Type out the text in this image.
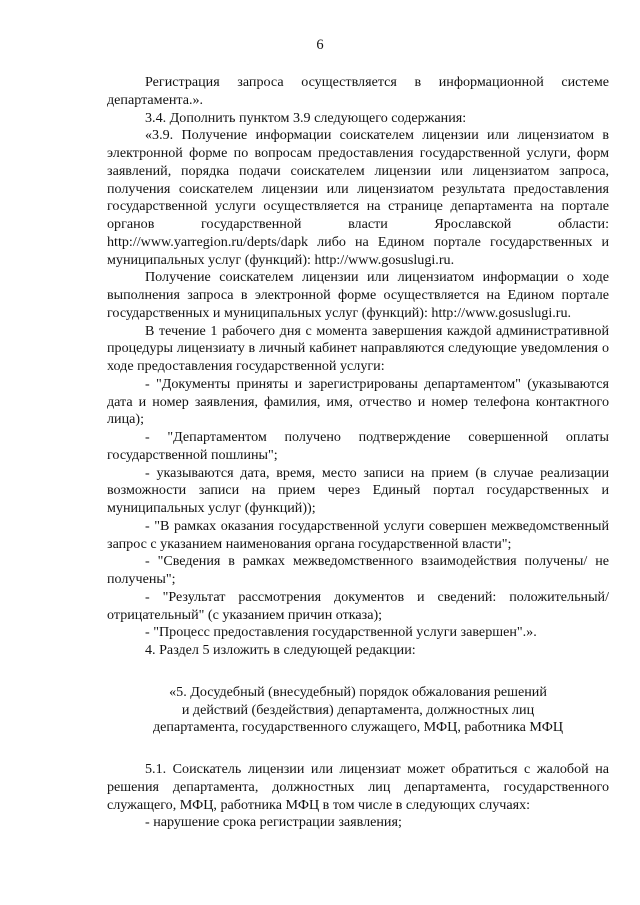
6

Регистрация запроса осуществляется в информационной системе департамента.».

3.4. Дополнить пунктом 3.9 следующего содержания:

«3.9. Получение информации соискателем лицензии или лицензиатом в электронной форме по вопросам предоставления государственной услуги, форм заявлений, порядка подачи соискателем лицензии или лицензиатом запроса, получения соискателем лицензии или лицензиатом результата предоставления государственной услуги осуществляется на странице департамента на портале органов государственной власти Ярославской области: http://www.yarregion.ru/depts/dapk либо на Едином портале государственных и муниципальных услуг (функций): http://www.gosuslugi.ru.

Получение соискателем лицензии или лицензиатом информации о ходе выполнения запроса в электронной форме осуществляется на Едином портале государственных и муниципальных услуг (функций): http://www.gosuslugi.ru.

В течение 1 рабочего дня с момента завершения каждой административной процедуры лицензиату в личный кабинет направляются следующие уведомления о ходе предоставления государственной услуги:

- "Документы приняты и зарегистрированы департаментом" (указываются дата и номер заявления, фамилия, имя, отчество и номер телефона контактного лица);

- "Департаментом получено подтверждение совершенной оплаты государственной пошлины";

- указываются дата, время, место записи на прием (в случае реализации возможности записи на прием через Единый портал государственных и муниципальных услуг (функций));

- "В рамках оказания государственной услуги совершен межведомственный запрос с указанием наименования органа государственной власти";

- "Сведения в рамках межведомственного взаимодействия получены/ не получены";

- "Результат рассмотрения документов и сведений: положительный/отрицательный" (с указанием причин отказа);

- "Процесс предоставления государственной услуги завершен".».

4. Раздел 5 изложить в следующей редакции:

«5. Досудебный (внесудебный) порядок обжалования решений
и действий (бездействия) департамента, должностных лиц
департамента, государственного служащего, МФЦ, работника МФЦ

5.1. Соискатель лицензии или лицензиат может обратиться с жалобой на решения департамента, должностных лиц департамента, государственного служащего, МФЦ, работника МФЦ в том числе в следующих случаях:

- нарушение срока регистрации заявления;
